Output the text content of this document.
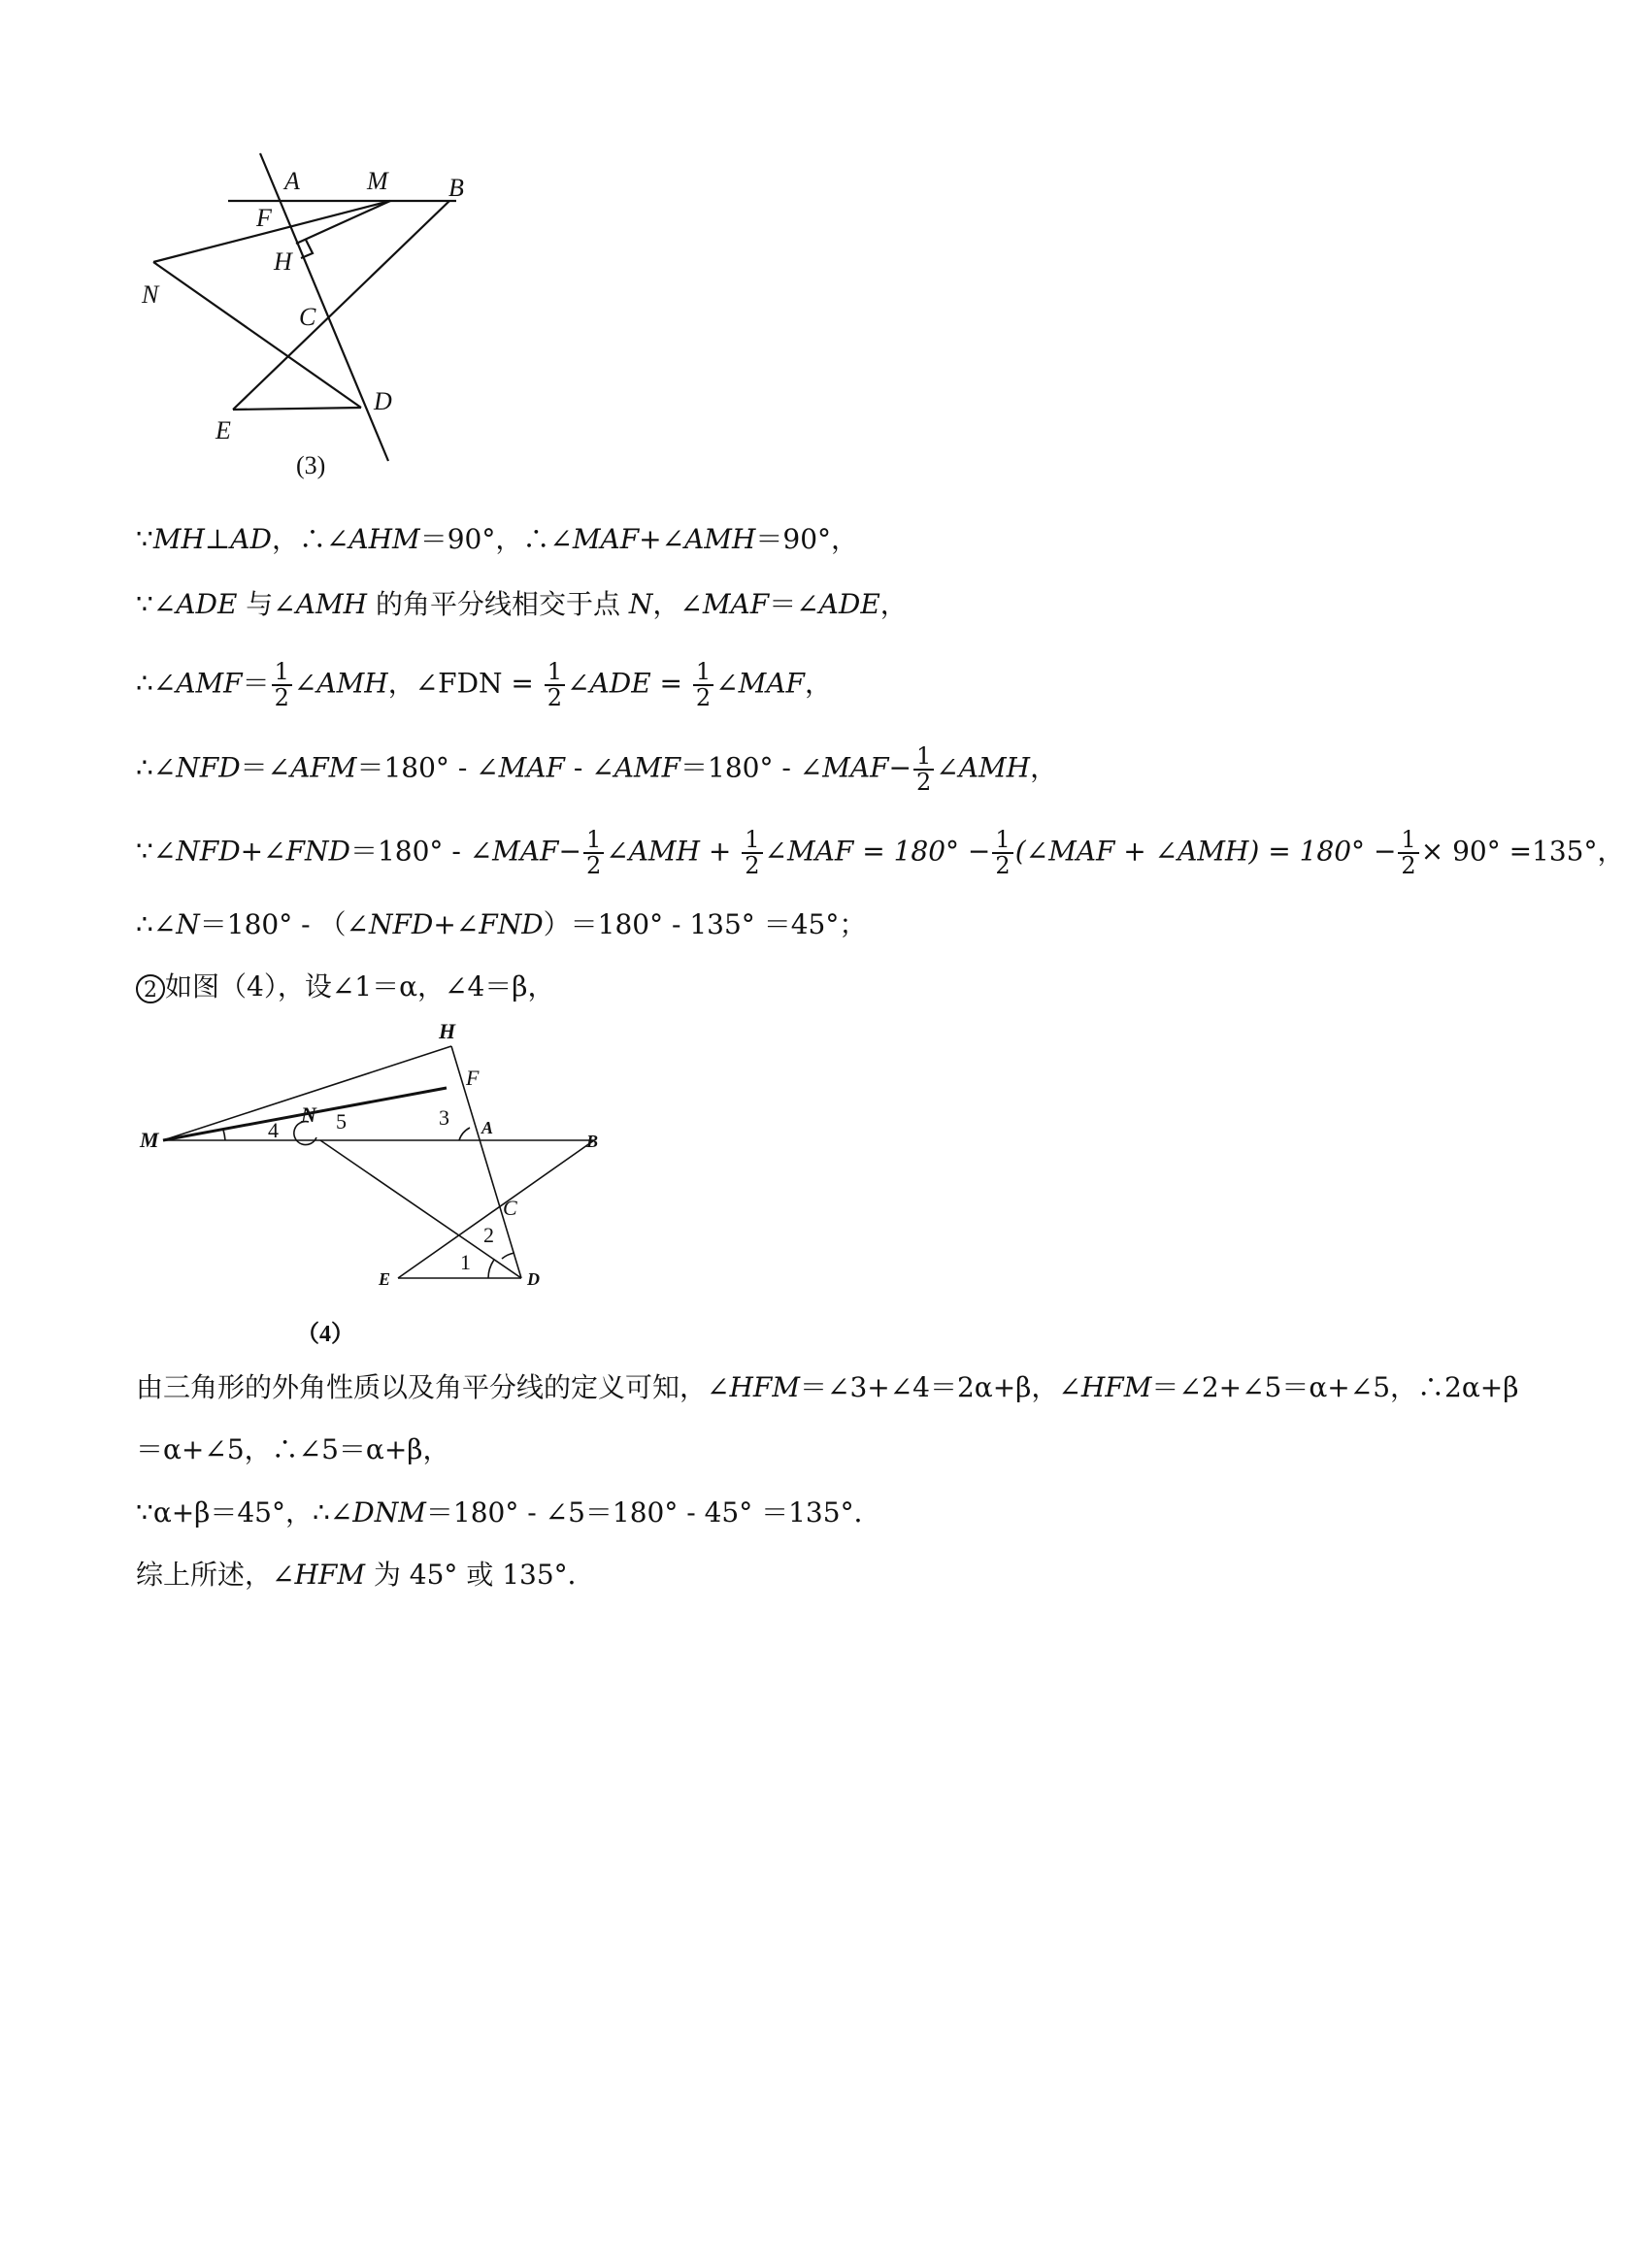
A	M B
F
H
N
C
D
E
(3)
∵MH⊥AD，∴∠AHM＝90°，∴∠MAF+∠AMH＝90°，
∵∠ADE 与∠AMH 的角平分线相交于点 N，∠MAF＝∠ADE，
∴∠AMF＝ $\frac{1}{2}$ ∠AMH，∠FDN = $\frac{1}{2}$ ∠ADE = $\frac{1}{2}$ ∠MAF，
∴∠NFD＝∠AFM＝180° - ∠MAF - ∠AMF＝180° - ∠MAF− $\frac{1}{2}$ ∠AMH，
∵∠NFD+∠FND＝180° - ∠MAF− $\frac{1}{2}$ ∠AMH + $\frac{1}{2}$ ∠MAF = $180^\circ - \frac{1}{2}$ (∠MAF + ∠AMH) = $180^\circ - \frac{1}{2} \times 90^\circ =135^\circ$，
∴∠N＝180° - （∠NFD+∠FND）＝180° - 135° ＝45°；
2 如图（4），设∠1＝α，∠4＝β，
H
F
M
N
4	5	3 A
B
C
2
1
E	D
（4）
由三角形的外角性质以及角平分线的定义可知，∠HFM＝∠3+∠4＝2α+β，∠HFM＝∠2+∠5＝α+∠5，∴2α+β
＝α+∠5，∴∠5＝α+β，
∵α+β＝45°，∴∠DNM＝180° - ∠5＝180° - 45° ＝135°．
综上所述，∠HFM 为 45° 或 135°．
